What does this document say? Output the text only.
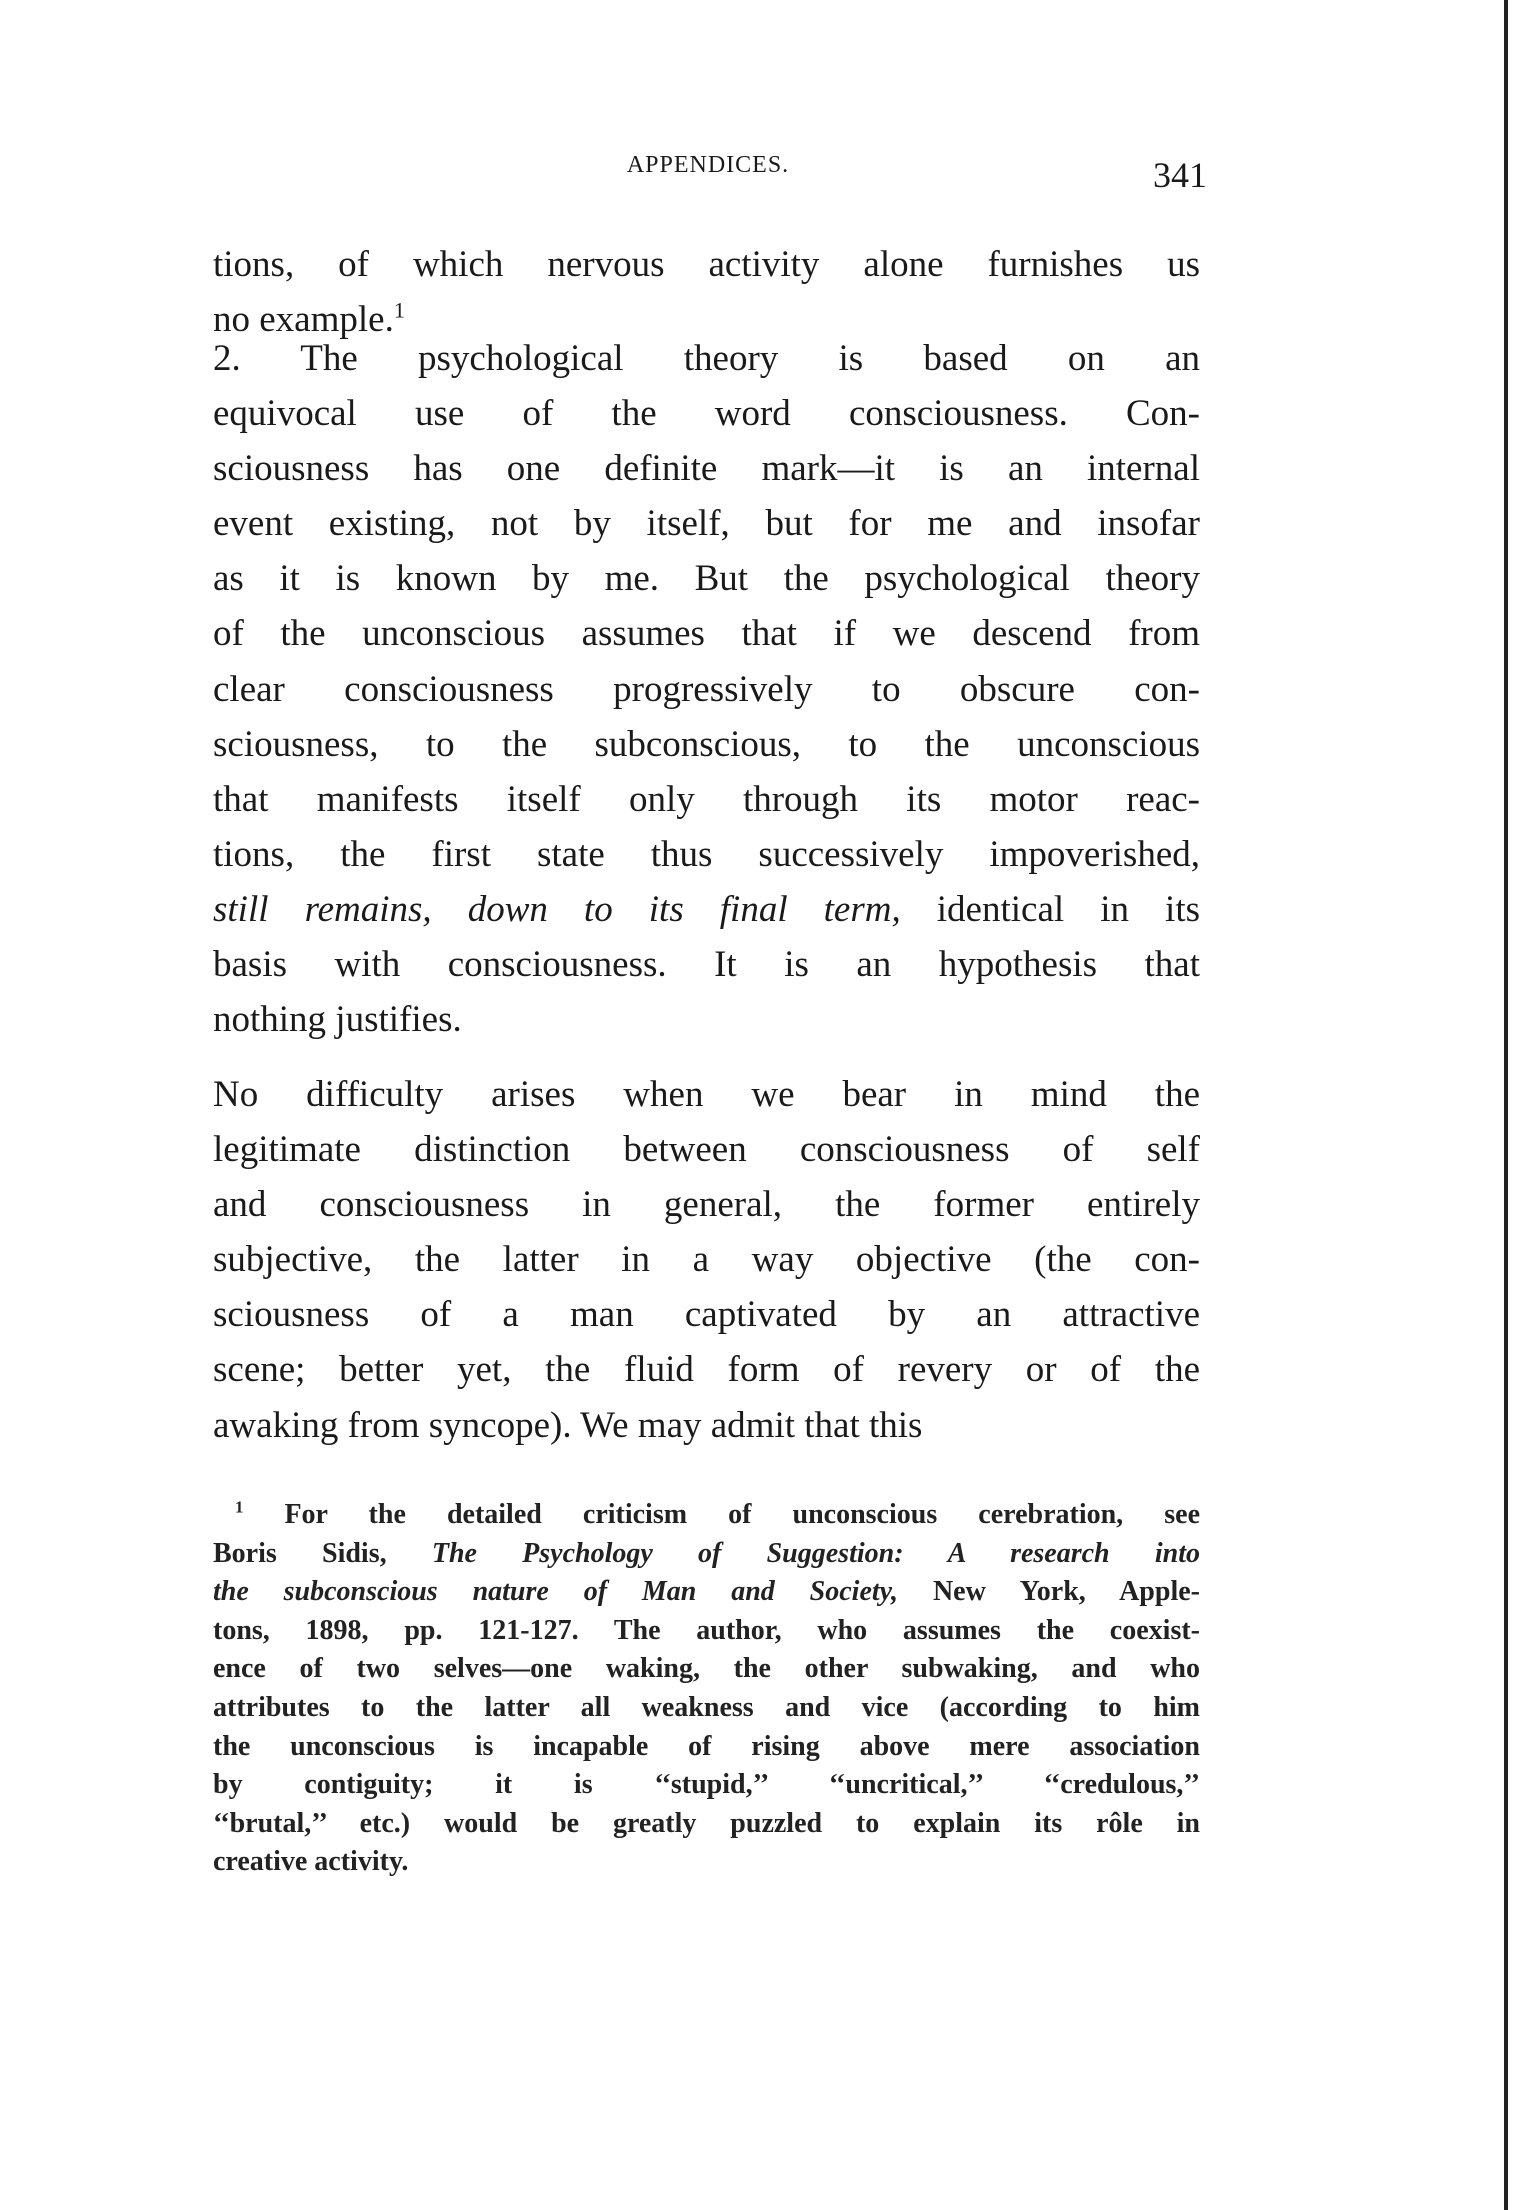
APPENDICES.	341
tions, of which nervous activity alone furnishes us
no example.$^1$
2. The psychological theory is based on an
equivocal use of the word consciousness. Con-
sciousness has one definite mark—it is an internal
event existing, not by itself, but for me and insofar
as it is known by me. But the psychological theory
of the unconscious assumes that if we descend from
clear consciousness progressively to obscure con-
sciousness, to the subconscious, to the unconscious
that manifests itself only through its motor reac-
tions, the first state thus successively impoverished,
still remains, down to its final term, identical in its
basis with consciousness. It is an hypothesis that
nothing justifies.
No difficulty arises when we bear in mind the
legitimate distinction between consciousness of self
and consciousness in general, the former entirely
subjective, the latter in a way objective (the con-
sciousness of a man captivated by an attractive
scene; better yet, the fluid form of revery or of the
awaking from syncope). We may admit that this
$^1$ For the detailed criticism of unconscious cerebration, see
Boris Sidis, The Psychology of Suggestion: A research into
the subconscious nature of Man and Society, New York, Apple-
tons, 1898, pp. 121-127. The author, who assumes the coexist-
ence of two selves—one waking, the other subwaking, and who
attributes to the latter all weakness and vice (according to him
the unconscious is incapable of rising above mere association
by contiguity; it is ‘‘stupid,’’ ‘‘uncritical,’’ ‘‘credulous,’’
‘‘brutal,’’ etc.) would be greatly puzzled to explain its rôle in
creative activity.
